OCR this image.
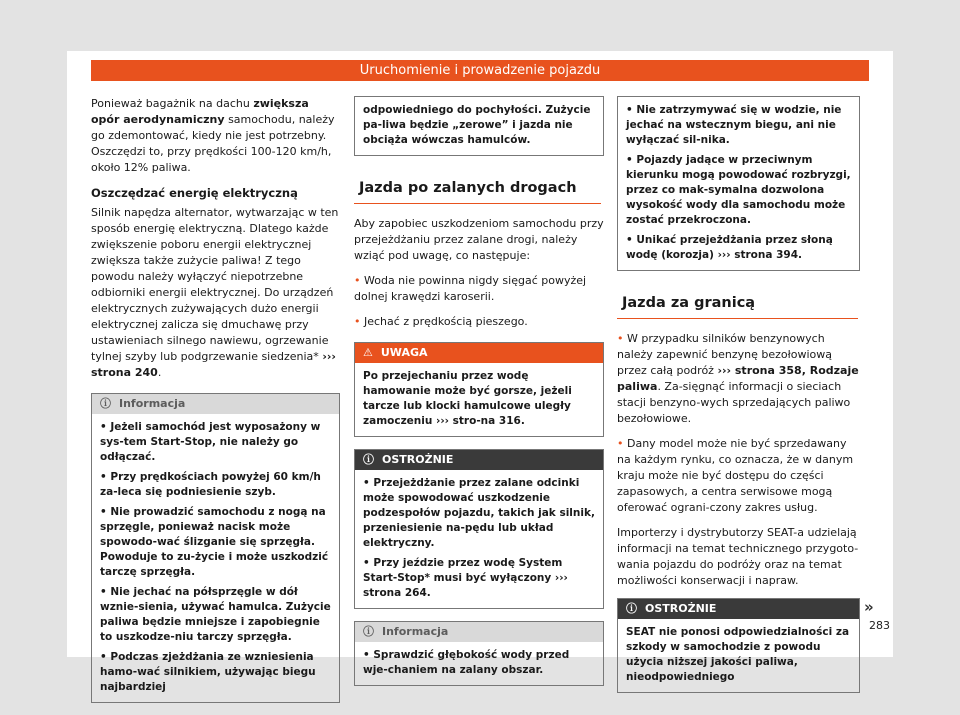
Uruchomienie i prowadzenie pojazdu

Ponieważ bagażnik na dachu zwiększa opór aerodynamiczny samochodu, należy go zdemontować, kiedy nie jest potrzebny. Oszczędzi to, przy prędkości 100-120 km/h, około 12% paliwa.

Oszczędzać energię elektryczną

Silnik napędza alternator, wytwarzając w ten sposób energię elektryczną. Dlatego każde zwiększenie poboru energii elektrycznej zwiększa także zużycie paliwa! Z tego powodu należy wyłączyć niepotrzebne odbiorniki energii elektrycznej. Do urządzeń elektrycznych zużywających dużo energii elektrycznej zalicza się dmuchawę przy ustawieniach silnego nawiewu, ogrzewanie tylnej szyby lub podgrzewanie siedzenia* ››› strona 240.

ⓘ Informacja

• Jeżeli samochód jest wyposażony w sys-tem Start-Stop, nie należy go odłączać.

• Przy prędkościach powyżej 60 km/h za-leca się podniesienie szyb.

• Nie prowadzić samochodu z nogą na sprzęgle, ponieważ nacisk może spowodo-wać ślizganie się sprzęgła. Powoduje to zu-życie i może uszkodzić tarczę sprzęgła.

• Nie jechać na półsprzęgle w dół wznie-sienia, używać hamulca. Zużycie paliwa będzie mniejsze i zapobiegnie to uszkodze-niu tarczy sprzęgła.

• Podczas zjeżdżania ze wzniesienia hamo-wać silnikiem, używając biegu najbardziej

odpowiedniego do pochyłości. Zużycie pa-liwa będzie „zerowe” i jazda nie obciąża wówczas hamulców.

Jazda po zalanych drogach

Aby zapobiec uszkodzeniom samochodu przy przejeżdżaniu przez zalane drogi, należy wziąć pod uwagę, co następuje:

• Woda nie powinna nigdy sięgać powyżej dolnej krawędzi karoserii.

• Jechać z prędkością pieszego.

⚠ UWAGA

Po przejechaniu przez wodę hamowanie może być gorsze, jeżeli tarcze lub klocki hamulcowe uległy zamoczeniu ››› stro-na 316.

ⓘ OSTROŻNIE

• Przejeżdżanie przez zalane odcinki może spowodować uszkodzenie podzespołów pojazdu, takich jak silnik, przeniesienie na-pędu lub układ elektryczny.

• Przy jeździe przez wodę System Start-Stop* musi być wyłączony ››› strona 264.

ⓘ Informacja

• Sprawdzić głębokość wody przed wje-chaniem na zalany obszar.

• Nie zatrzymywać się w wodzie, nie jechać na wstecznym biegu, ani nie wyłączać sil-nika.

• Pojazdy jadące w przeciwnym kierunku mogą powodować rozbryzgi, przez co mak-symalna dozwolona wysokość wody dla samochodu może zostać przekroczona.

• Unikać przejeżdżania przez słoną wodę (korozja) ››› strona 394.

Jazda za granicą

• W przypadku silników benzynowych należy zapewnić benzynę bezołowiową przez całą podróż ››› strona 358, Rodzaje paliwa. Za-sięgnąć informacji o sieciach stacji benzyno-wych sprzedających paliwo bezołowiowe.

• Dany model może nie być sprzedawany na każdym rynku, co oznacza, że w danym kraju może nie być dostępu do części zapasowych, a centra serwisowe mogą oferować ograni-czony zakres usług.

Importerzy i dystrybutorzy SEAT-a udzielają informacji na temat technicznego przygoto-wania pojazdu do podróży oraz na temat możliwości konserwacji i napraw.

ⓘ OSTROŻNIE

SEAT nie ponosi odpowiedzialności za szkody w samochodzie z powodu użycia niższej jakości paliwa, nieodpowiedniego

»
283
